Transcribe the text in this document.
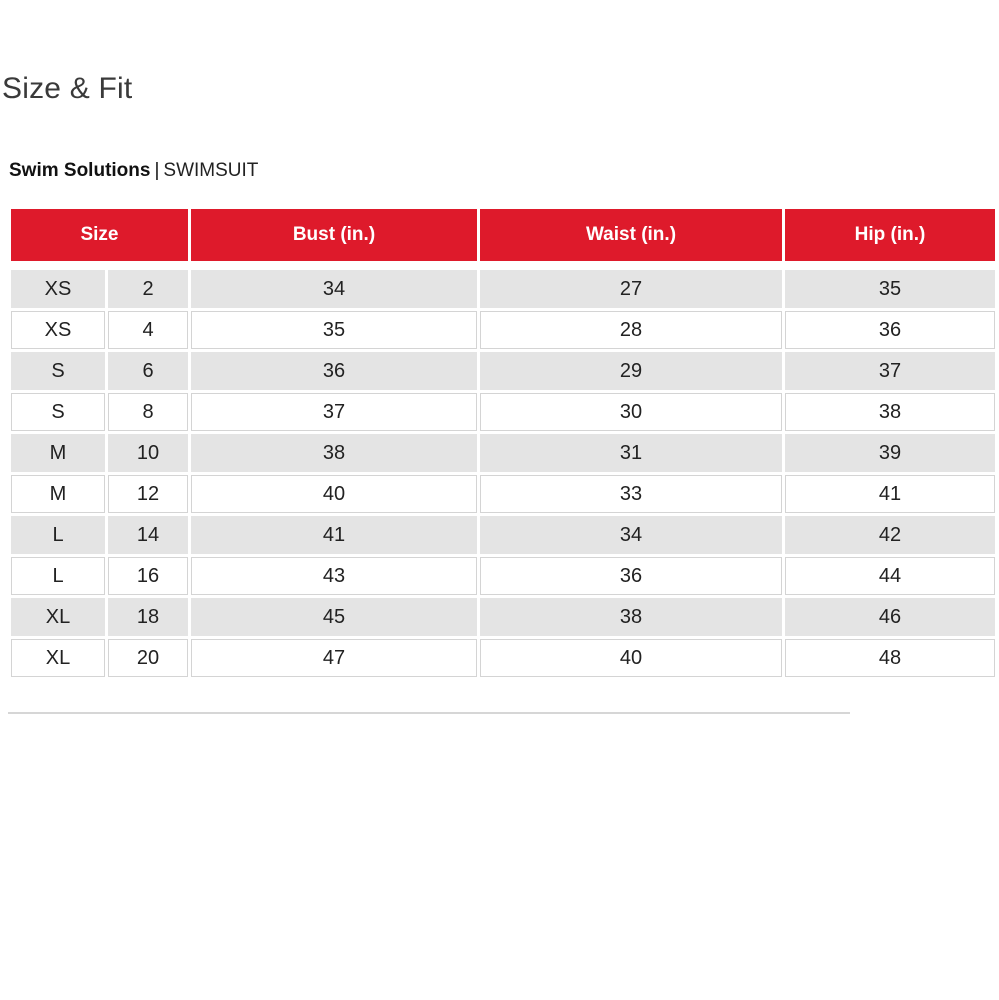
Size & Fit
Swim Solutions | SWIMSUIT
Size		Bust (in.)	Waist (in.)	Hip (in.)

XS	2	34	27	35
XS	4	35	28	36
S	6	36	29	37
S	8	37	30	38
M	10	38	31	39
M	12	40	33	41
L	14	41	34	42
L	16	43	36	44
XL	18	45	38	46
XL	20	47	40	48
